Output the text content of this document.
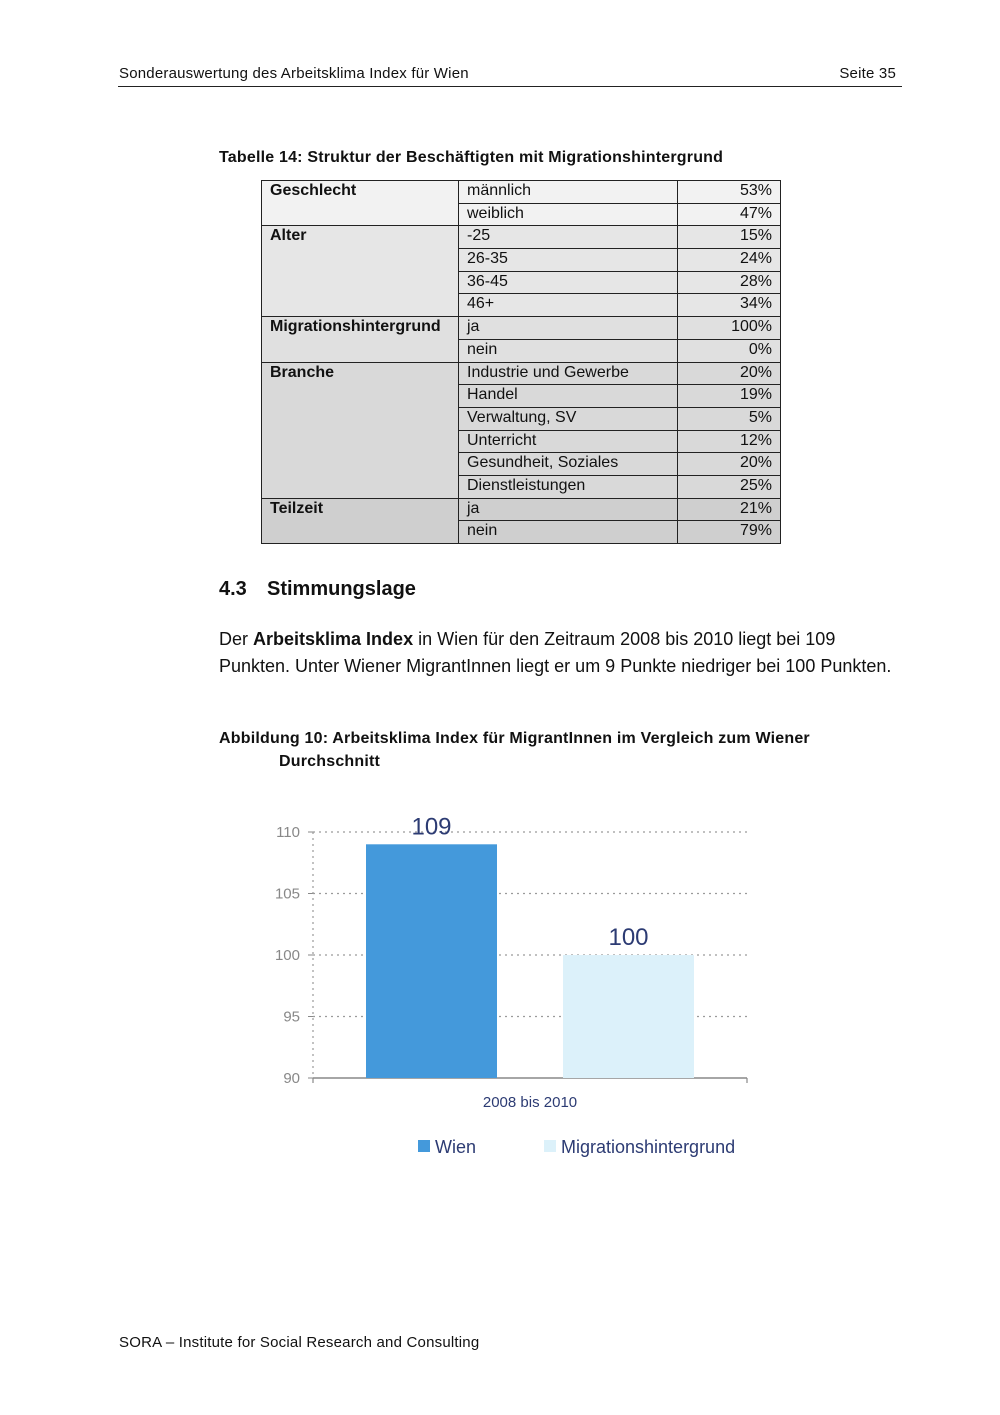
Sonderauswertung des Arbeitsklima Index für Wien	Seite 35
Tabelle 14: Struktur der Beschäftigten mit Migrationshintergrund
Geschlecht	männlich	53%
	weiblich	47%
Alter	-25	15%
	26-35	24%
	36-45	28%
	46+	34%
Migrationshintergrund	ja	100%
	nein	0%
Branche	Industrie und Gewerbe	20%
	Handel	19%
	Verwaltung, SV	5%
	Unterricht	12%
	Gesundheit, Soziales	20%
	Dienstleistungen	25%
Teilzeit	ja	21%
	nein	79%
4.3 Stimmungslage
Der Arbeitsklima Index in Wien für den Zeitraum 2008 bis 2010 liegt bei 109 Punkten. Unter Wiener MigrantInnen liegt er um 9 Punkte niedriger bei 100 Punkten.
Abbildung 10: Arbeitsklima Index für MigrantInnen im Vergleich zum Wiener
Durchschnitt
90
95
100
105
110	109
100
2008 bis 2010
Wien	Migrationshintergrund
SORA – Institute for Social Research and Consulting
